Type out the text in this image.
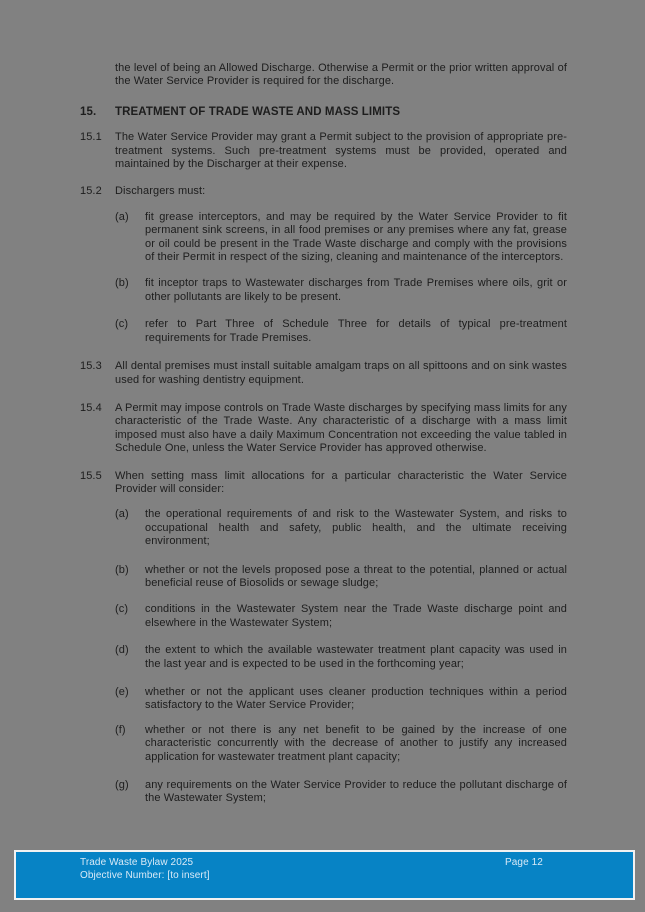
the level of being an Allowed Discharge. Otherwise a Permit or the prior written approval of the Water Service Provider is required for the discharge.
15.	TREATMENT OF TRADE WASTE AND MASS LIMITS
15.1	The Water Service Provider may grant a Permit subject to the provision of appropriate pre-treatment systems. Such pre-treatment systems must be provided, operated and maintained by the Discharger at their expense.
15.2	Dischargers must:
(a)	fit grease interceptors, and may be required by the Water Service Provider to fit permanent sink screens, in all food premises or any premises where any fat, grease or oil could be present in the Trade Waste discharge and comply with the provisions of their Permit in respect of the sizing, cleaning and maintenance of the interceptors.
(b)	fit inceptor traps to Wastewater discharges from Trade Premises where oils, grit or other pollutants are likely to be present.
(c)	refer to Part Three of Schedule Three for details of typical pre-treatment requirements for Trade Premises.
15.3	All dental premises must install suitable amalgam traps on all spittoons and on sink wastes used for washing dentistry equipment.
15.4	A Permit may impose controls on Trade Waste discharges by specifying mass limits for any characteristic of the Trade Waste. Any characteristic of a discharge with a mass limit imposed must also have a daily Maximum Concentration not exceeding the value tabled in Schedule One, unless the Water Service Provider has approved otherwise.
15.5	When setting mass limit allocations for a particular characteristic the Water Service Provider will consider:
(a)	the operational requirements of and risk to the Wastewater System, and risks to occupational health and safety, public health, and the ultimate receiving environment;
(b)	whether or not the levels proposed pose a threat to the potential, planned or actual beneficial reuse of Biosolids or sewage sludge;
(c)	conditions in the Wastewater System near the Trade Waste discharge point and elsewhere in the Wastewater System;
(d)	the extent to which the available wastewater treatment plant capacity was used in the last year and is expected to be used in the forthcoming year;
(e)	whether or not the applicant uses cleaner production techniques within a period satisfactory to the Water Service Provider;
(f)	whether or not there is any net benefit to be gained by the increase of one characteristic concurrently with the decrease of another to justify any increased application for wastewater treatment plant capacity;
(g)	any requirements on the Water Service Provider to reduce the pollutant discharge of the Wastewater System;
Trade Waste Bylaw 2025
Objective Number: [to insert]
Page 12
